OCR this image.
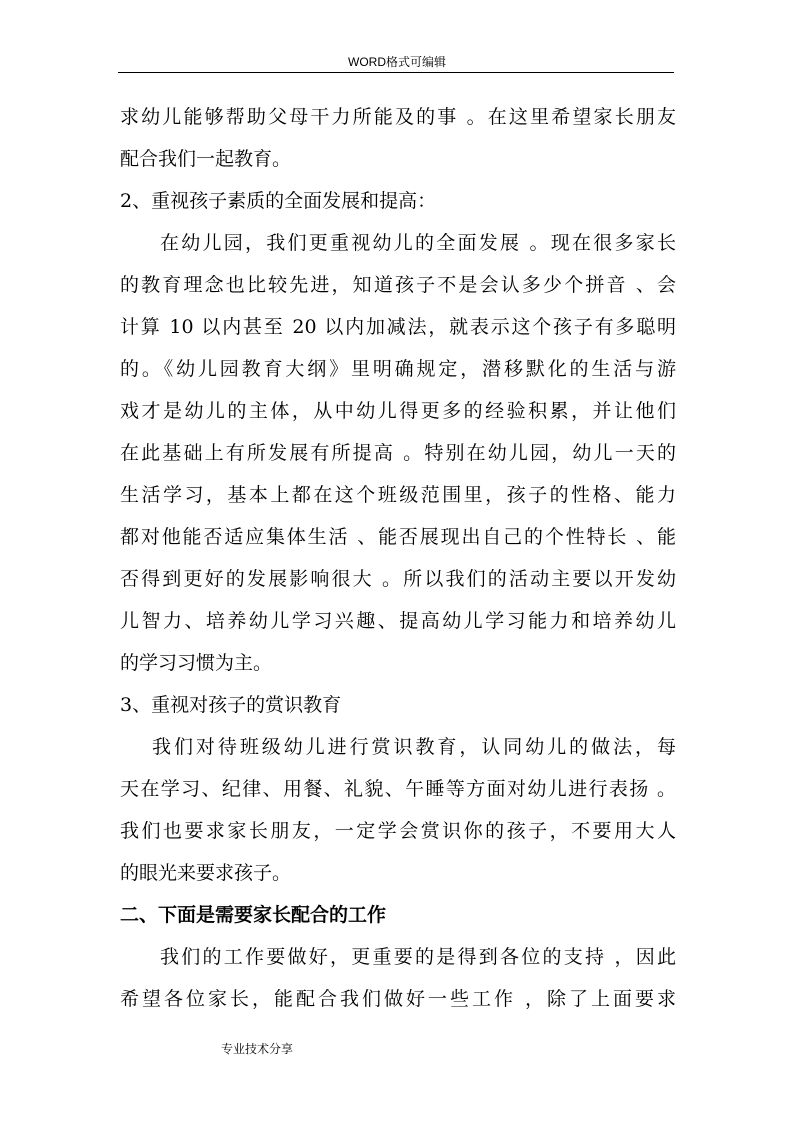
WORD格式可编辑
求幼儿能够帮助父母干力所能及的事 。在这里希望家长朋友
配合我们一起教育。
2、重视孩子素质的全面发展和提高：
在幼儿园，我们更重视幼儿的全面发展 。现在很多家长
的教育理念也比较先进，知道孩子不是会认多少个拼音 、会
计算 10 以内甚至 20 以内加减法，就表示这个孩子有多聪明
的。《幼儿园教育大纲》里明确规定，潜移默化的生活与游
戏才是幼儿的主体，从中幼儿得更多的经验积累，并让他们
在此基础上有所发展有所提高 。特别在幼儿园，幼儿一天的
生活学习，基本上都在这个班级范围里，孩子的性格、能力
都对他能否适应集体生活 、能否展现出自己的个性特长 、能
否得到更好的发展影响很大 。所以我们的活动主要以开发幼
儿智力、培养幼儿学习兴趣、提高幼儿学习能力和培养幼儿
的学习习惯为主。
3、重视对孩子的赏识教育
我们对待班级幼儿进行赏识教育，认同幼儿的做法，每
天在学习、纪律、用餐、礼貌、午睡等方面对幼儿进行表扬 。
我们也要求家长朋友，一定学会赏识你的孩子，不要用大人
的眼光来要求孩子。
二、下面是需要家长配合的工作
我们的工作要做好，更重要的是得到各位的支持 ，因此
希望各位家长，能配合我们做好一些工作 ，除了上面要求
专业技术分享
